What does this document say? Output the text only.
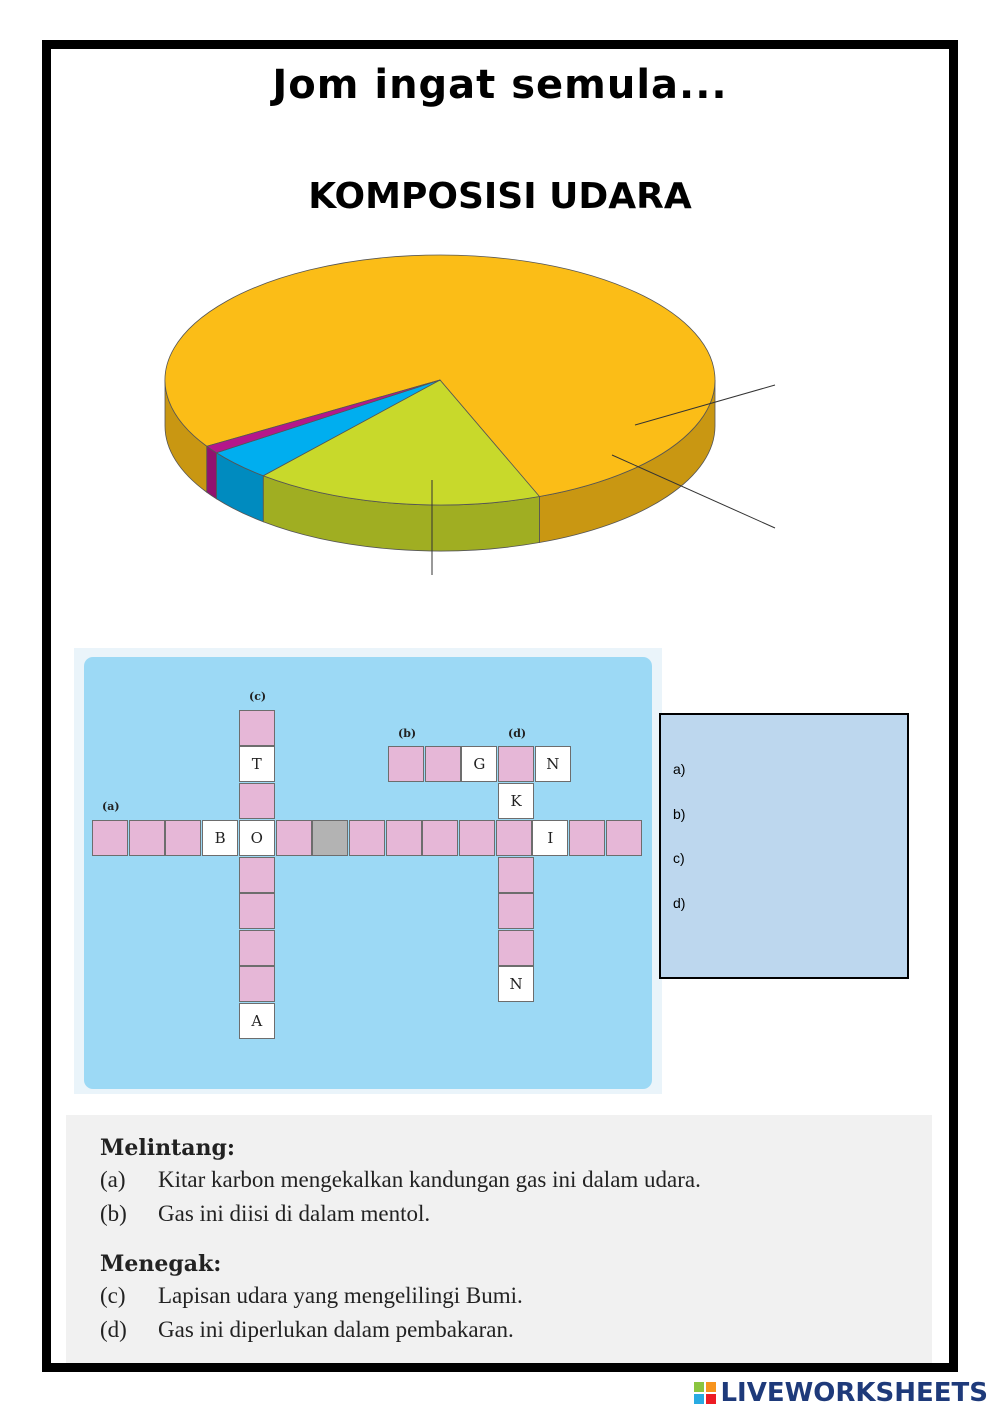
Jom ingat semula...
KOMPOSISI UDARA
B	O	I
T
A
G	N
K
N
(c)
(b)	(d)
(a)
a)
b)
c)
d)
Melintang:
(a) Kitar karbon mengekalkan kandungan gas ini dalam udara.
(b) Gas ini diisi di dalam mentol.
Menegak:
(c) Lapisan udara yang mengelilingi Bumi.
(d) Gas ini diperlukan dalam pembakaran.
LIVEWORKSHEETS
